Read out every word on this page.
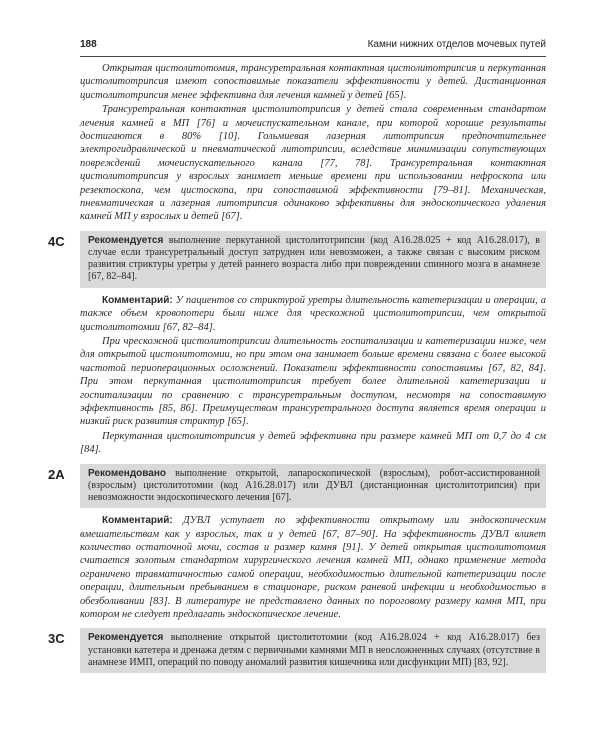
188	Камни нижних отделов мочевых путей

Открытая цистолитотомия, трансуретральная контактная цистолитотрипсия и перкутанная цистолитотрипсия имеют сопоставимые показатели эффективности у детей. Дистанционная цистолитотрипсия менее эффективна для лечения камней у детей [65].

Трансуретральная контактная цистолитотрипсия у детей стала современным стандартом лечения камней в МП [76] и мочеиспускательном канале, при которой хорошие результаты достигаются в 80% [10]. Гольмиевая лазерная литотрипсия предпочтительнее электрогидравлической и пневматической литотрипсии, вследствие минимизации сопутствующих повреждений мочеиспускательного канала [77, 78]. Трансуретральная контактная цистолитотрипсия у взрослых занимает меньше времени при использовании нефроскопа или резектоскопа, чем цистоскопа, при сопоставимой эффективности [79–81]. Механическая, пневматическая и лазерная литотрипсия одинаково эффективны для эндоскопического удаления камней МП у взрослых и детей [67].

4С Рекомендуется выполнение перкутанной цистолитотрипсии (код А16.28.025 + код А16.28.017), в случае если трансуретральный доступ затруднен или невозможен, а также связан с высоким риском развития стриктуры уретры у детей раннего возраста либо при повреждении спинного мозга в анамнезе [67, 82–84].

Комментарий: У пациентов со стриктурой уретры длительность катетеризации и операции, а также объем кровопотери были ниже для чрескожной цистолитотрипсии, чем открытой цистолитотомии [67, 82–84].

При чрескожной цистолитотрипсии длительность госпитализации и катетеризации ниже, чем для открытой цистолитотомии, но при этом она занимает больше времени связана с более высокой частотой периоперационных осложнений. Показатели эффективности сопоставимы [67, 82, 84]. При этом перкутанная цистолитотрипсия требует более длительной катетеризации и госпитализации по сравнению с трансуретральным доступом, несмотря на сопоставимую эффективность [85, 86]. Преимуществом трансуретрального доступа является время операции и низкий риск развития стриктур [65].

Перкутанная цистолитотрипсия у детей эффективна при размере камней МП от 0,7 до 4 см [84].

2А Рекомендовано выполнение открытой, лапароскопической (взрослым), робот-ассистированной (взрослым) цистолитотомии (код А16.28.017) или ДУВЛ (дистанционная цистолитотрипсия) при невозможности эндоскопического лечения [67].

Комментарий: ДУВЛ уступает по эффективности открытому или эндоскопическим вмешательствам как у взрослых, так и у детей [67, 87–90]. На эффективность ДУВЛ влияет количество остаточной мочи, состав и размер камня [91]. У детей открытая цистолитотомия считается золотым стандартом хирургического лечения камней МП, однако применение метода ограничено травматичностью самой операции, необходимостью длительной катетеризации после операции, длительным пребыванием в стационаре, риском раневой инфекции и необходимостью в обезболивании [83]. В литературе не представлено данных по пороговому размеру камня МП, при котором не следует предлагать эндоскопическое лечение.

3С Рекомендуется выполнение открытой цистолитотомии (код А16.28.024 + код А16.28.017) без установки катетера и дренажа детям с первичными камнями МП в неосложненных случаях (отсутствие в анамнезе ИМП, операций по поводу аномалий развития кишечника или дисфункции МП) [83, 92].
